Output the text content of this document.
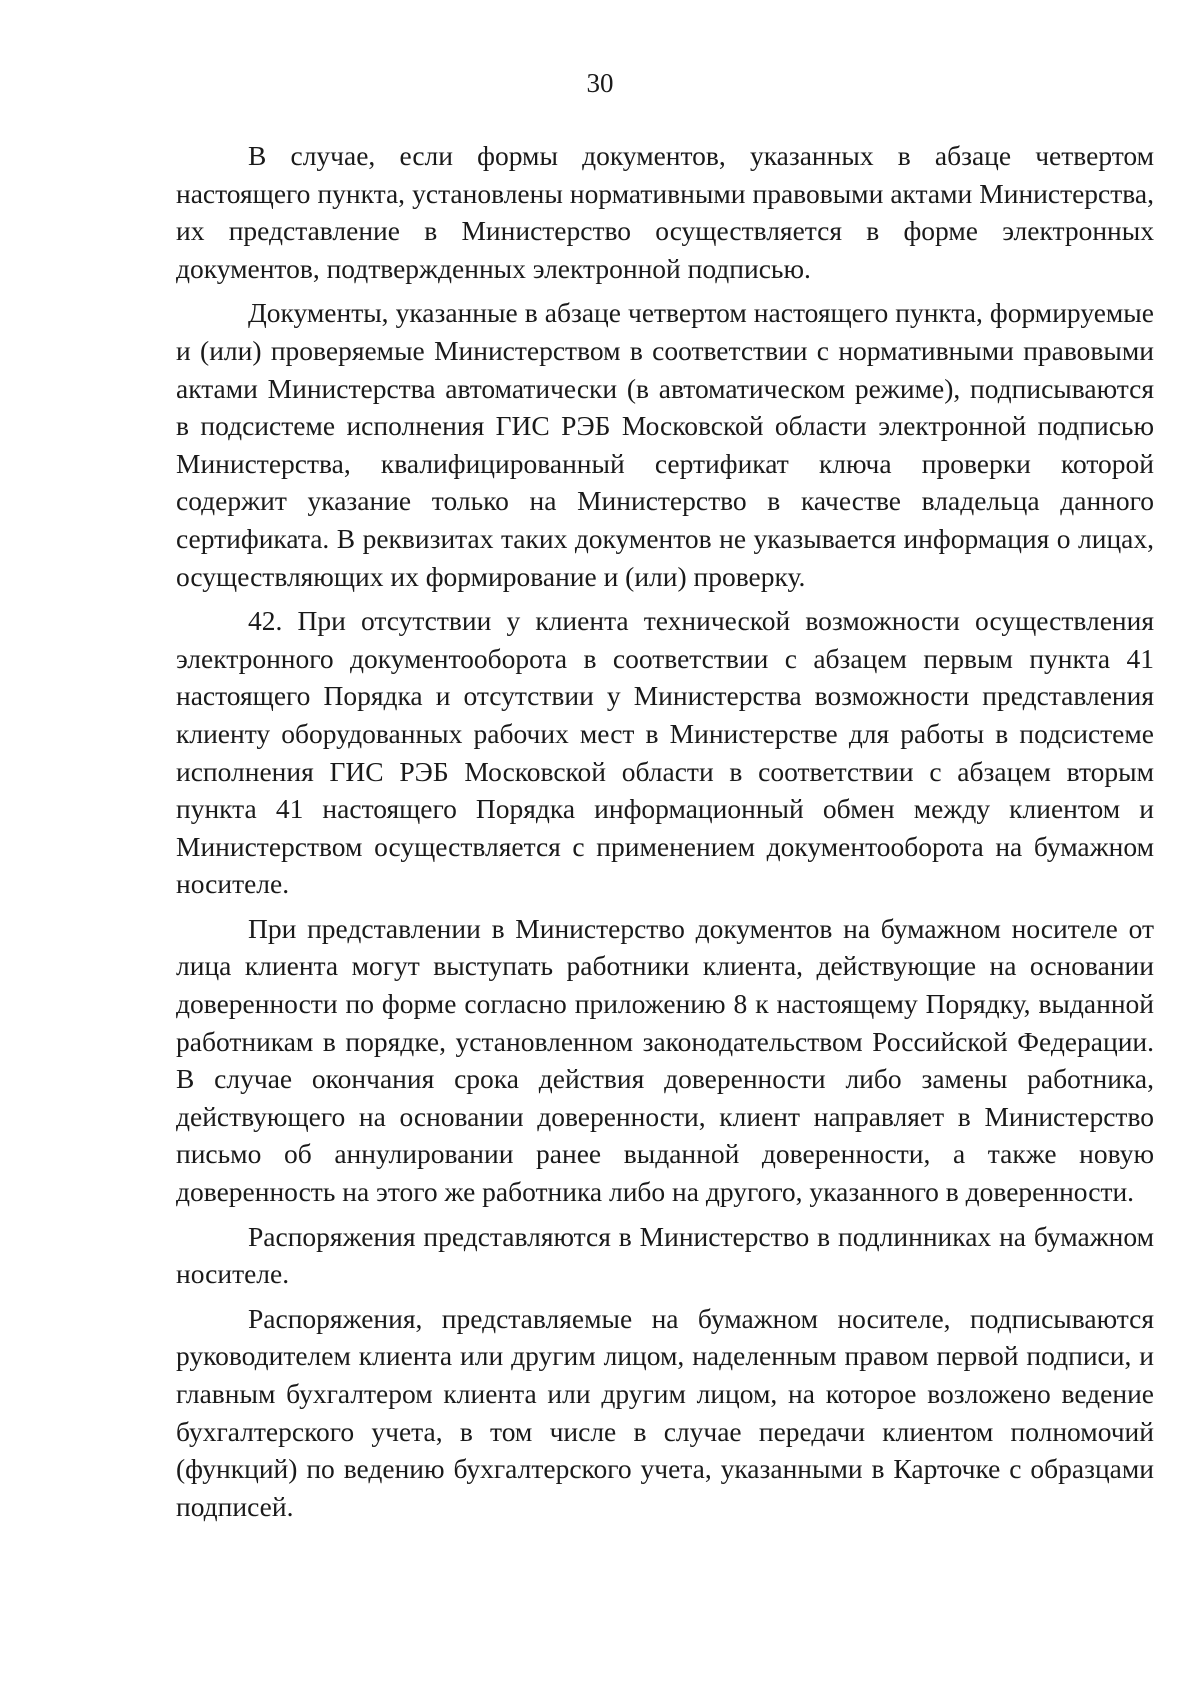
30

В случае, если формы документов, указанных в абзаце четвертом настоящего пункта, установлены нормативными правовыми актами Министерства, их представление в Министерство осуществляется в форме электронных документов, подтвержденных электронной подписью.

Документы, указанные в абзаце четвертом настоящего пункта, формируемые и (или) проверяемые Министерством в соответствии с нормативными правовыми актами Министерства автоматически (в автоматическом режиме), подписываются в подсистеме исполнения ГИС РЭБ Московской области электронной подписью Министерства, квалифицированный сертификат ключа проверки которой содержит указание только на Министерство в качестве владельца данного сертификата. В реквизитах таких документов не указывается информация о лицах, осуществляющих их формирование и (или) проверку.

42. При отсутствии у клиента технической возможности осуществления электронного документооборота в соответствии с абзацем первым пункта 41 настоящего Порядка и отсутствии у Министерства возможности представления клиенту оборудованных рабочих мест в Министерстве для работы в подсистеме исполнения ГИС РЭБ Московской области в соответствии с абзацем вторым пункта 41 настоящего Порядка информационный обмен между клиентом и Министерством осуществляется с применением документооборота на бумажном носителе.

При представлении в Министерство документов на бумажном носителе от лица клиента могут выступать работники клиента, действующие на основании доверенности по форме согласно приложению 8 к настоящему Порядку, выданной работникам в порядке, установленном законодательством Российской Федерации. В случае окончания срока действия доверенности либо замены работника, действующего на основании доверенности, клиент направляет в Министерство письмо об аннулировании ранее выданной доверенности, а также новую доверенность на этого же работника либо на другого, указанного в доверенности.

Распоряжения представляются в Министерство в подлинниках на бумажном носителе.

Распоряжения, представляемые на бумажном носителе, подписываются руководителем клиента или другим лицом, наделенным правом первой подписи, и главным бухгалтером клиента или другим лицом, на которое возложено ведение бухгалтерского учета, в том числе в случае передачи клиентом полномочий (функций) по ведению бухгалтерского учета, указанными в Карточке с образцами подписей.
